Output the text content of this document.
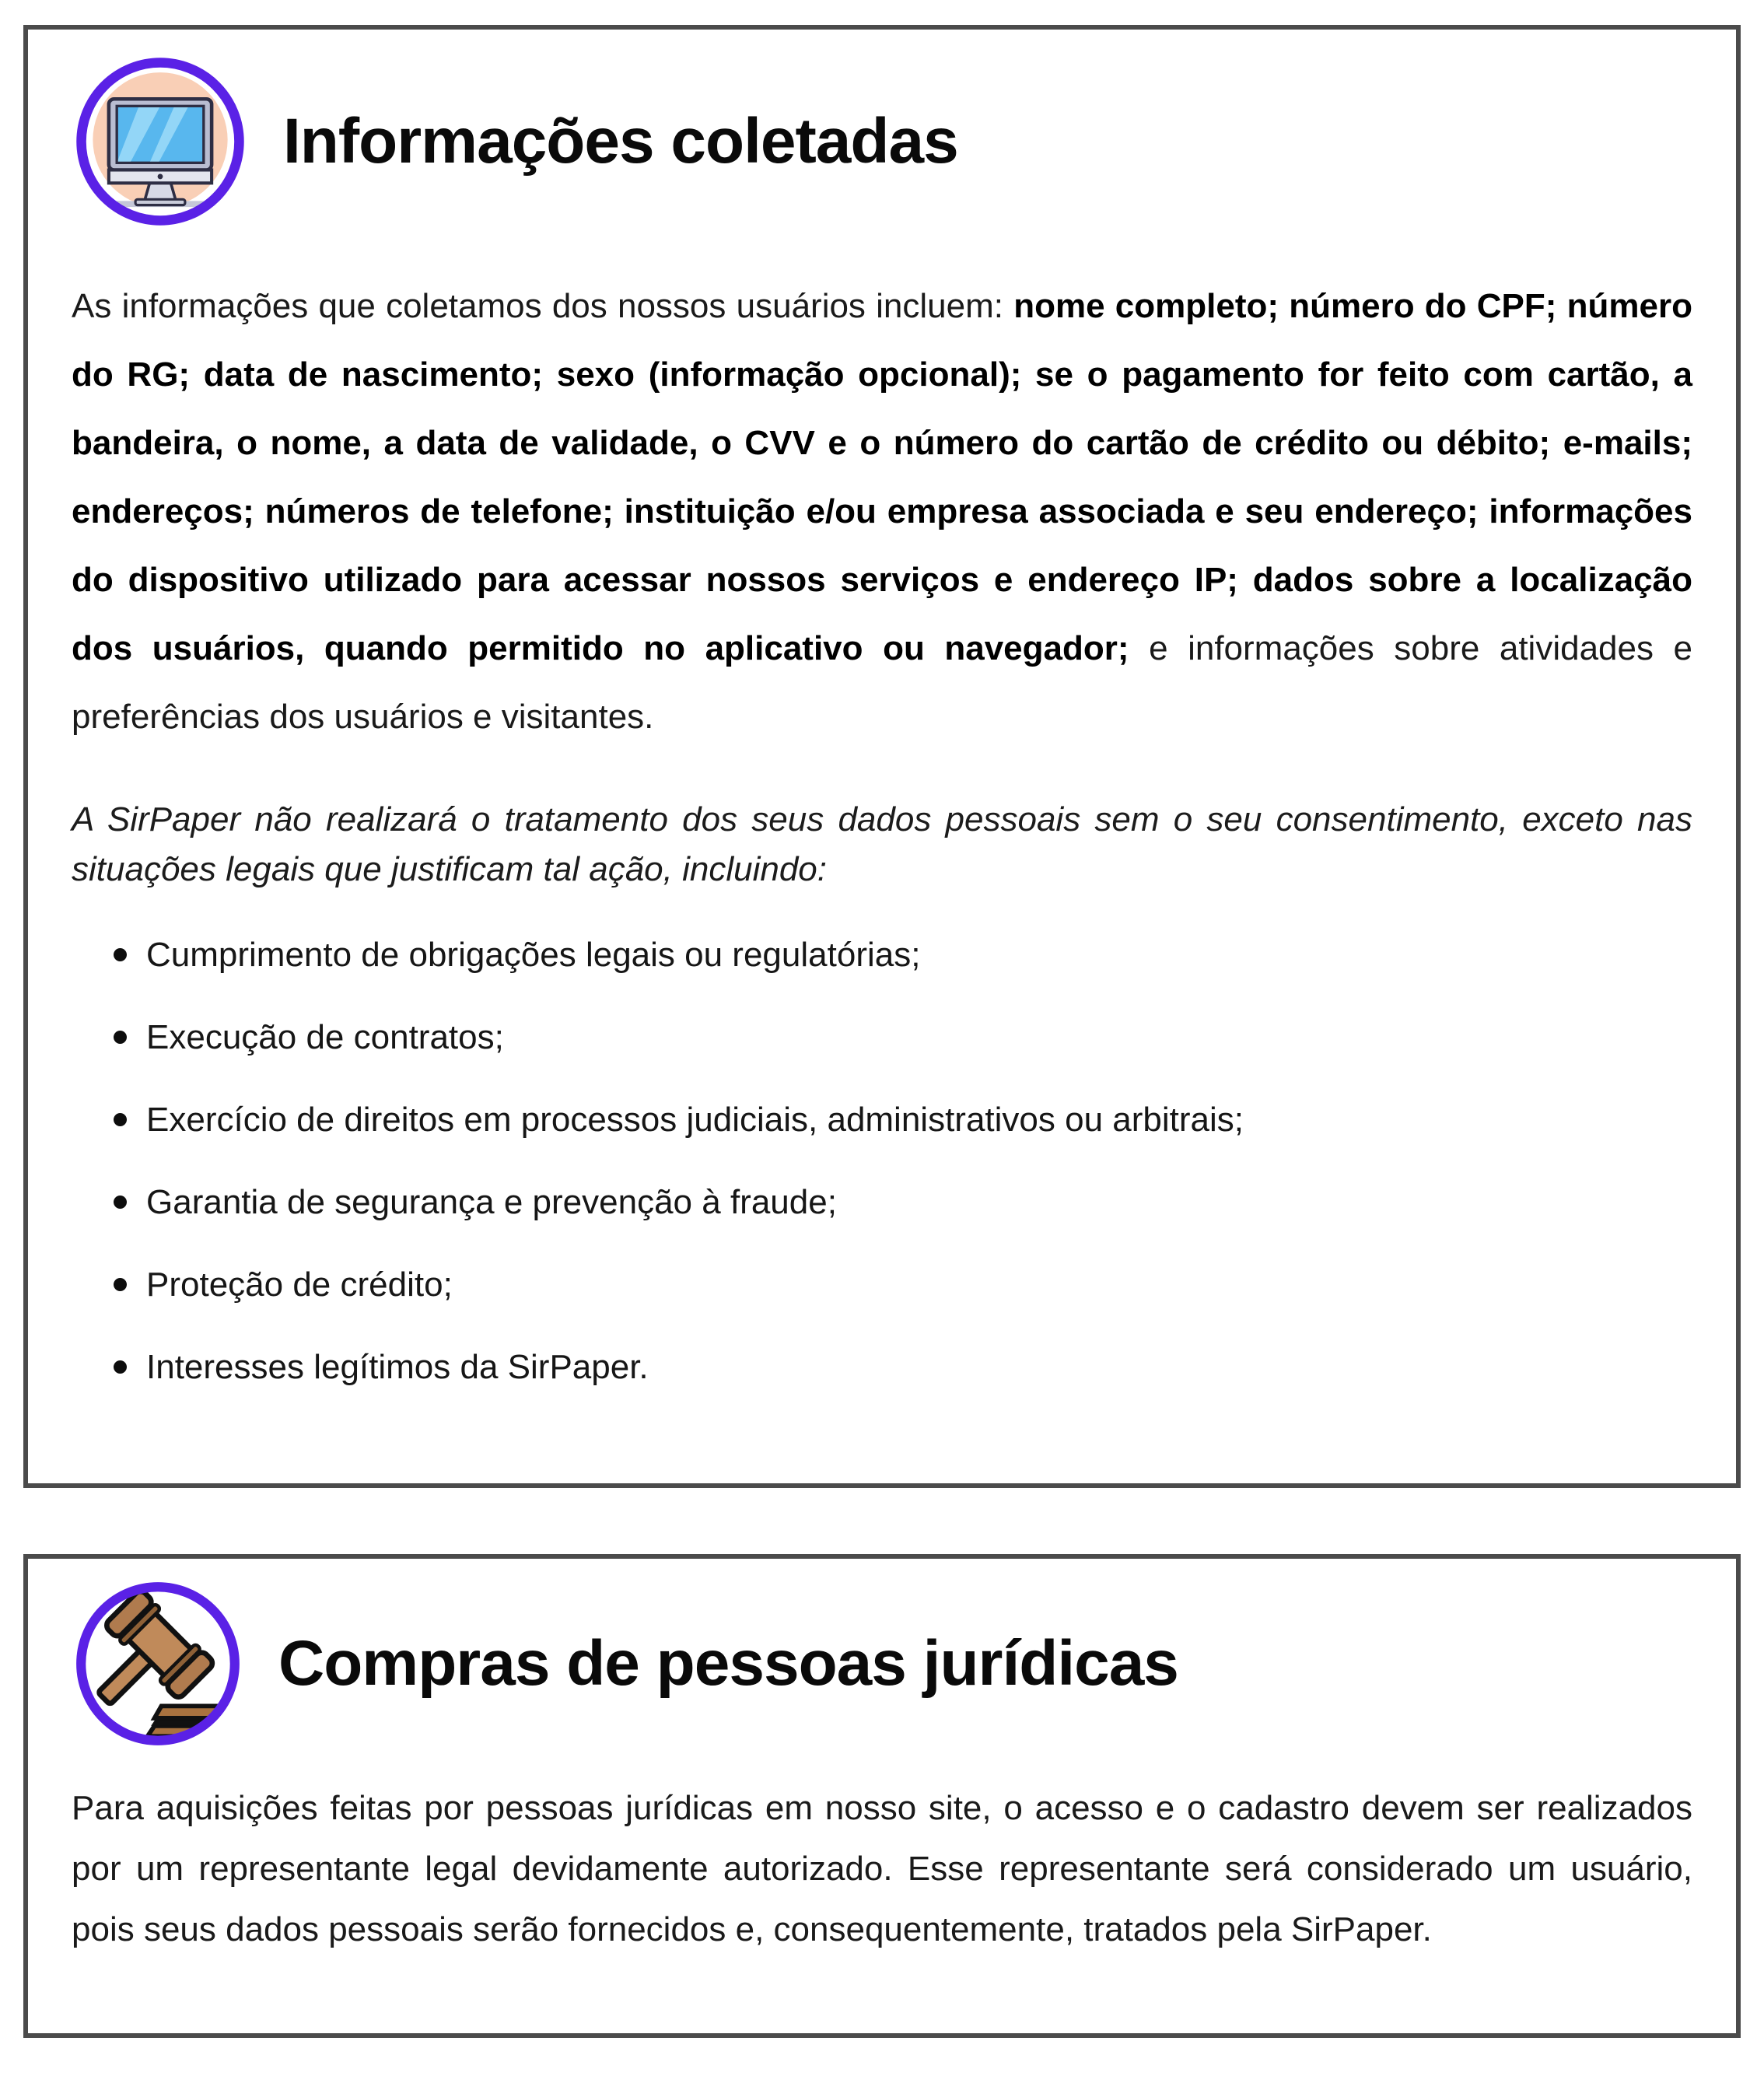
Informações coletadas

As informações que coletamos dos nossos usuários incluem: nome completo; número do CPF; número do RG; data de nascimento; sexo (informação opcional); se o pagamento for feito com cartão, a bandeira, o nome, a data de validade, o CVV e o número do cartão de crédito ou débito; e-mails; endereços; números de telefone; instituição e/ou empresa associada e seu endereço; informações do dispositivo utilizado para acessar nossos serviços e endereço IP; dados sobre a localização dos usuários, quando permitido no aplicativo ou navegador; e informações sobre atividades e preferências dos usuários e visitantes.

A SirPaper não realizará o tratamento dos seus dados pessoais sem o seu consentimento, exceto nas situações legais que justificam tal ação, incluindo:

Cumprimento de obrigações legais ou regulatórias;
Execução de contratos;
Exercício de direitos em processos judiciais, administrativos ou arbitrais;
Garantia de segurança e prevenção à fraude;
Proteção de crédito;
Interesses legítimos da SirPaper.
Compras de pessoas jurídicas

Para aquisições feitas por pessoas jurídicas em nosso site, o acesso e o cadastro devem ser realizados por um representante legal devidamente autorizado. Esse representante será considerado um usuário, pois seus dados pessoais serão fornecidos e, consequentemente, tratados pela SirPaper.
